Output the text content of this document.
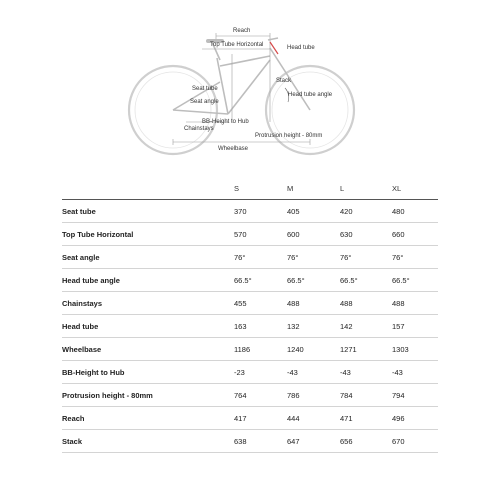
Reach
Top Tube Horizontal	Head tube
Stack
Seat tube
Seat angle
Head tube angle
BB-Height to Hub
Chainstays
Protrusion height - 80mm
Wheelbase
	S	M	L	XL
Seat tube	370	405	420	480
Top Tube Horizontal	570	600	630	660
Seat angle	76°	76°	76°	76°
Head tube angle	66.5°	66.5°	66.5°	66.5°
Chainstays	455	488	488	488
Head tube	163	132	142	157
Wheelbase	1186	1240	1271	1303
BB-Height to Hub	-23	-43	-43	-43
Protrusion height - 80mm	764	786	784	794
Reach	417	444	471	496
Stack	638	647	656	670
